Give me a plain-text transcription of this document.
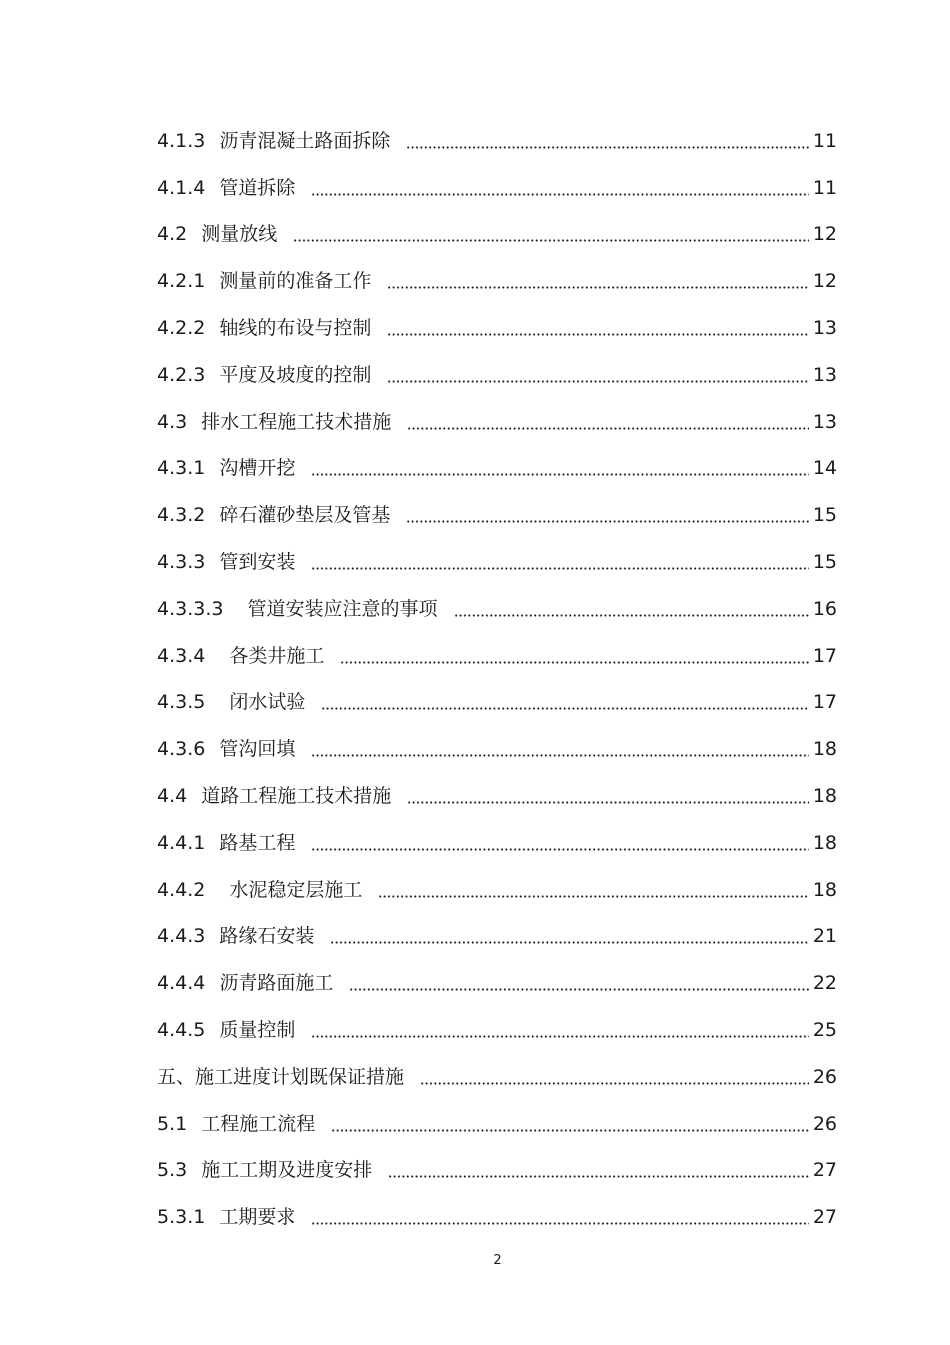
4.1.3 沥青混凝土路面拆除	11
4.1.4 管道拆除	11
4.2 测量放线	12
4.2.1 测量前的准备工作	12
4.2.2 轴线的布设与控制	13
4.2.3 平度及坡度的控制	13
4.3 排水工程施工技术措施	13
4.3.1 沟槽开挖	14
4.3.2 碎石灌砂垫层及管基	15
4.3.3 管到安装	15
4.3.3.3 管道安装应注意的事项	16
4.3.4 各类井施工	17
4.3.5 闭水试验	17
4.3.6 管沟回填	18
4.4 道路工程施工技术措施	18
4.4.1 路基工程	18
4.4.2 水泥稳定层施工	18
4.4.3 路缘石安装	21
4.4.4 沥青路面施工	22
4.4.5 质量控制	25
五、施工进度计划既保证措施	26
5.1 工程施工流程	26
5.3 施工工期及进度安排	27
5.3.1 工期要求	27
2
